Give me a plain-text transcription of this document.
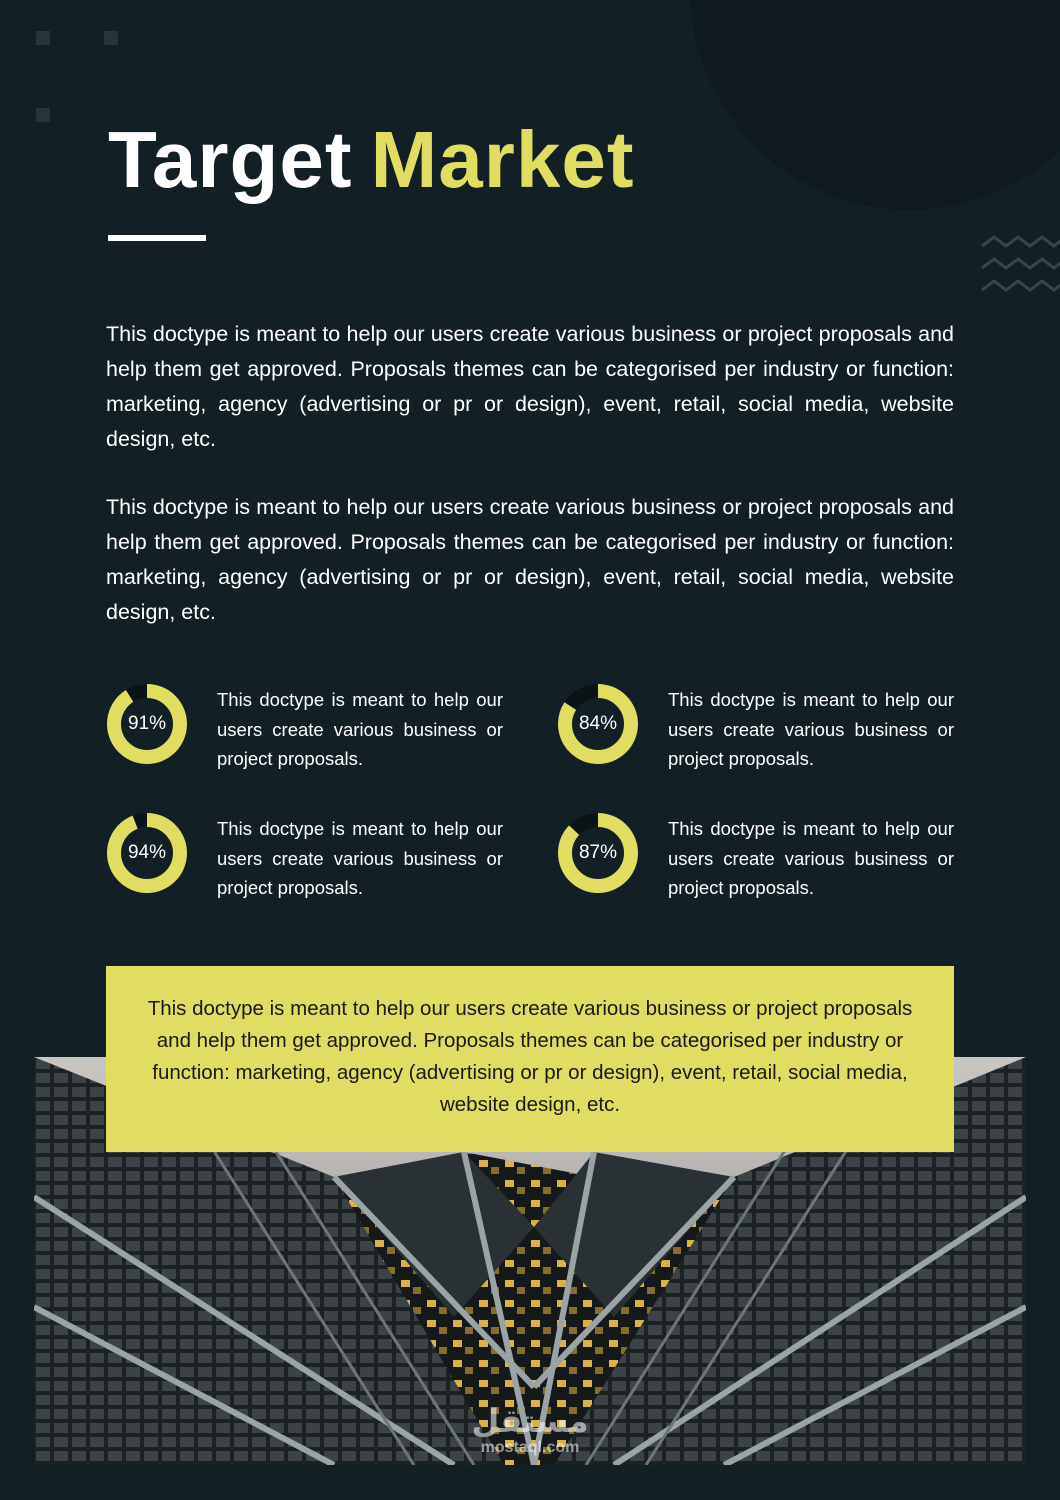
Target Market

This doctype is meant to help our users create various business or project proposals and help them get approved. Proposals themes can be categorised per industry or function: marketing, agency (advertising or pr or design), event, retail, social media, website design, etc.

This doctype is meant to help our users create various business or project proposals and help them get approved. Proposals themes can be categorised per industry or function: marketing, agency (advertising or pr or design), event, retail, social media, website design, etc.

91%

This doctype is meant to help our users create various business or project proposals.

84%

This doctype is meant to help our users create various business or project proposals.

94%

This doctype is meant to help our users create various business or project proposals.

87%

This doctype is meant to help our users create various business or project proposals.

This doctype is meant to help our users create various business or project proposals and help them get approved. Proposals themes can be categorised per industry or function: marketing, agency (advertising or pr or design), event, retail, social media, website design, etc.

مستقل
mostaql.com
